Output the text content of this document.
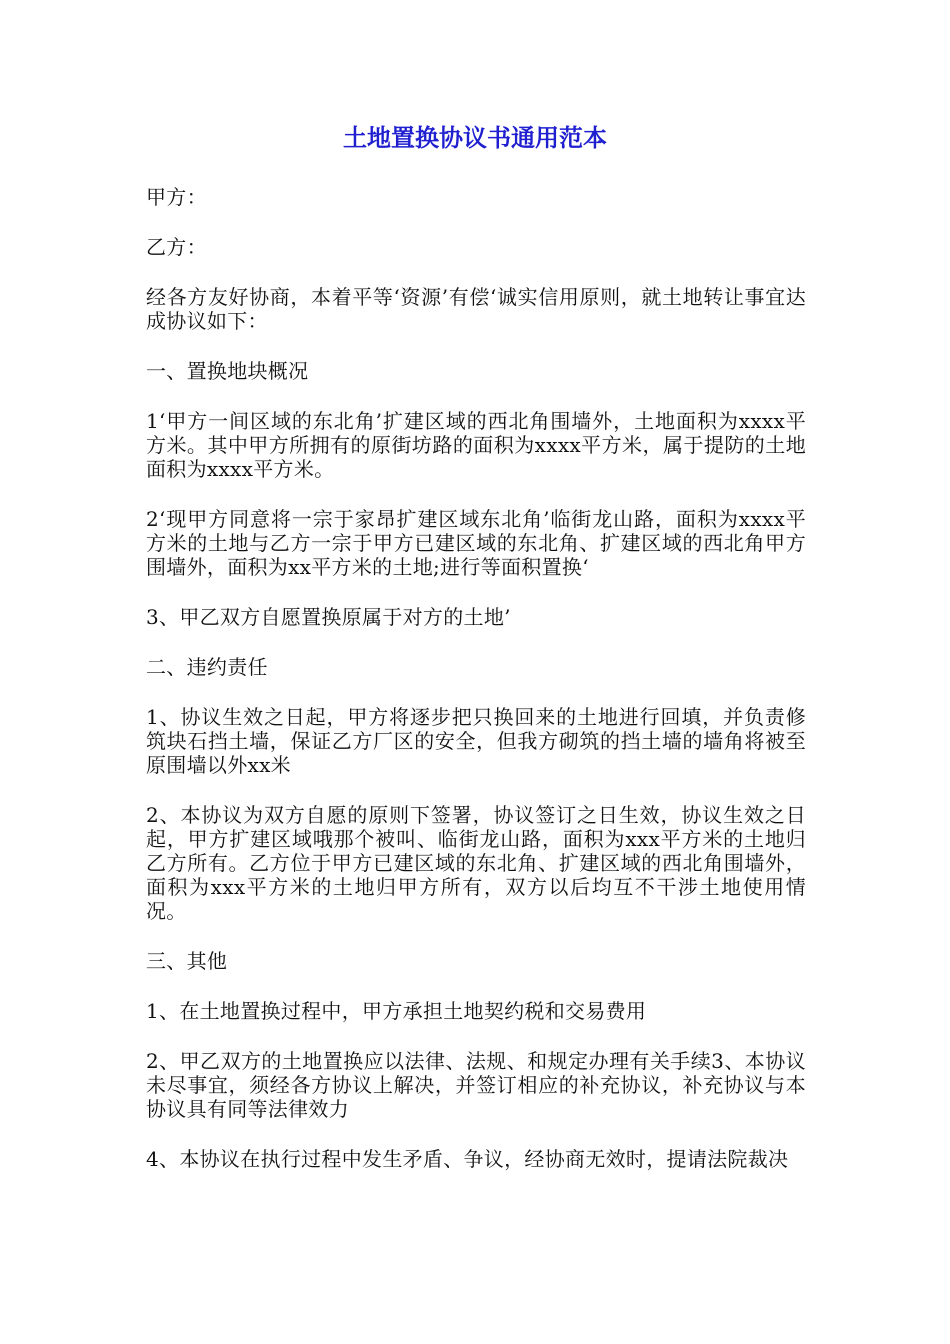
土地置换协议书通用范本

甲方：

乙方：

经各方友好协商，本着平等‘资源’有偿‘诚实信用原则，就土地转让事宜达成协议如下：

一、置换地块概况

1‘甲方一间区域的东北角’扩建区域的西北角围墙外，土地面积为xxxx平方米。其中甲方所拥有的原街坊路的面积为xxxx平方米，属于提防的土地面积为xxxx平方米。

2‘现甲方同意将一宗于家昂扩建区域东北角’临街龙山路，面积为xxxx平方米的土地与乙方一宗于甲方已建区域的东北角、扩建区域的西北角甲方围墙外，面积为xx平方米的土地;进行等面积置换‘

3、甲乙双方自愿置换原属于对方的土地’

二、违约责任

1、协议生效之日起，甲方将逐步把只换回来的土地进行回填，并负责修筑块石挡土墙，保证乙方厂区的安全，但我方砌筑的挡土墙的墙角将被至原围墙以外xx米

2、本协议为双方自愿的原则下签署，协议签订之日生效，协议生效之日起，甲方扩建区域哦那个被叫、临街龙山路，面积为xxx平方米的土地归乙方所有。乙方位于甲方已建区域的东北角、扩建区域的西北角围墙外，面积为xxx平方米的土地归甲方所有，双方以后均互不干涉土地使用情况。

三、其他

1、在土地置换过程中，甲方承担土地契约税和交易费用

2、甲乙双方的土地置换应以法律、法规、和规定办理有关手续3、本协议未尽事宜，须经各方协议上解决，并签订相应的补充协议，补充协议与本协议具有同等法律效力

4、本协议在执行过程中发生矛盾、争议，经协商无效时，提请法院裁决
